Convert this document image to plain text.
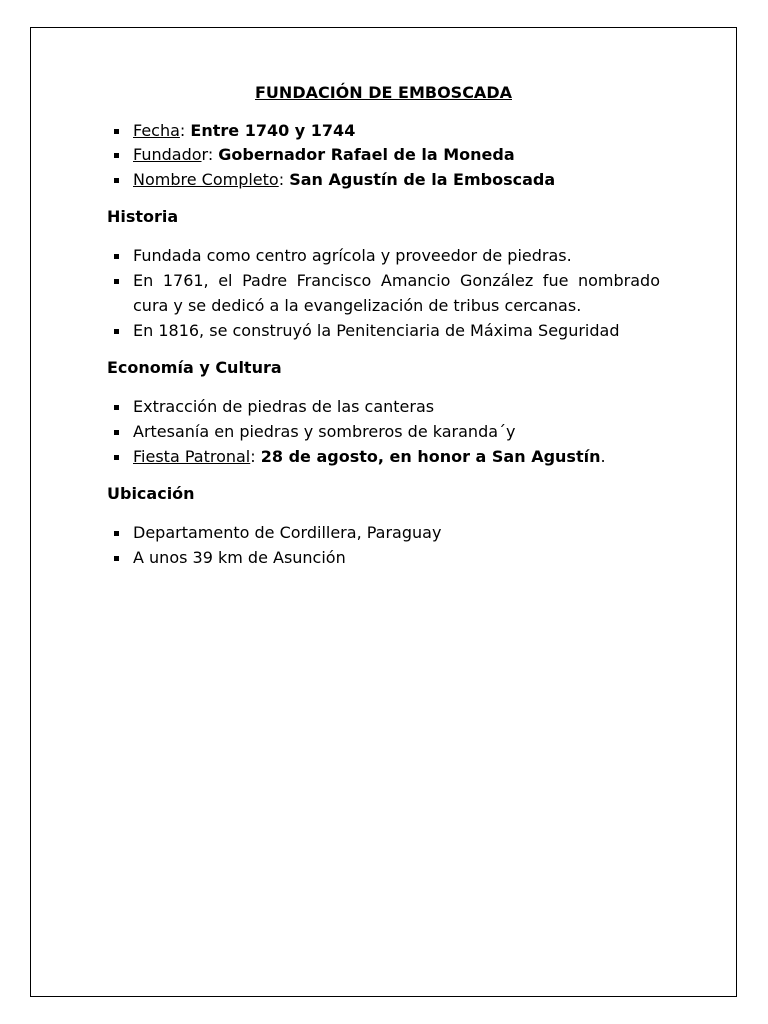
FUNDACIÓN DE EMBOSCADA
Fecha: Entre 1740 y 1744
Fundador: Gobernador Rafael de la Moneda
Nombre Completo: San Agustín de la Emboscada
Historia
Fundada como centro agrícola y proveedor de piedras.
En 1761, el Padre Francisco Amancio González fue nombrado cura y se dedicó a la evangelización de tribus cercanas.
En 1816, se construyó la Penitenciaria de Máxima Seguridad
Economía y Cultura
Extracción de piedras de las canteras
Artesanía en piedras y sombreros de karanda´y
Fiesta Patronal: 28 de agosto, en honor a San Agustín.
Ubicación
Departamento de Cordillera, Paraguay
A unos 39 km de Asunción
